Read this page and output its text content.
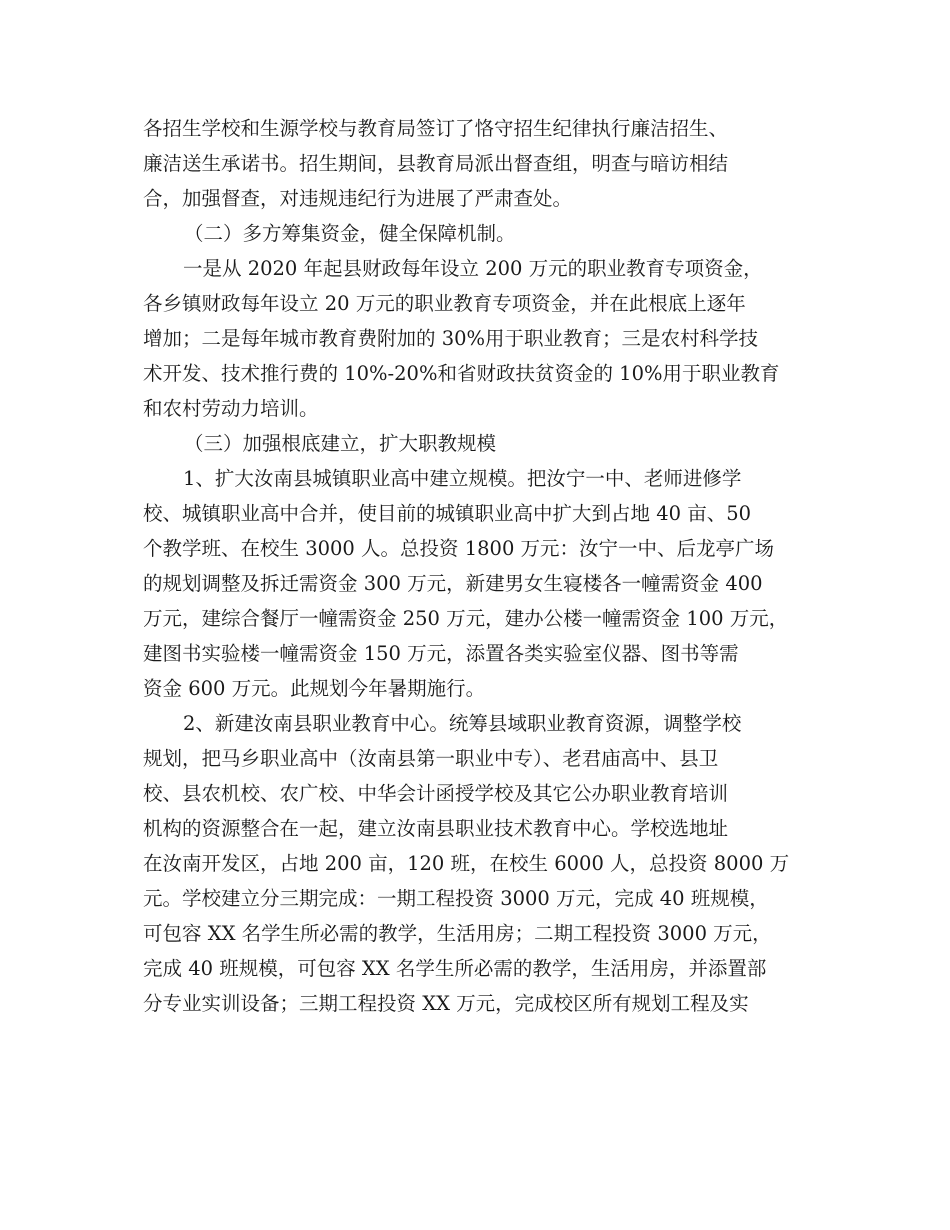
各招生学校和生源学校与教育局签订了恪守招生纪律执行廉洁招生、
廉洁送生承诺书。招生期间，县教育局派出督查组，明查与暗访相结
合，加强督查，对违规违纪行为进展了严肃查处。
（二）多方筹集资金，健全保障机制。
一是从 2020 年起县财政每年设立 200 万元的职业教育专项资金，
各乡镇财政每年设立 20 万元的职业教育专项资金，并在此根底上逐年
增加；二是每年城市教育费附加的 30%用于职业教育；三是农村科学技
术开发、技术推行费的 10%-20%和省财政扶贫资金的 10%用于职业教育
和农村劳动力培训。
（三）加强根底建立，扩大职教规模
1、扩大汝南县城镇职业高中建立规模。把汝宁一中、老师进修学
校、城镇职业高中合并，使目前的城镇职业高中扩大到占地 40 亩、50
个教学班、在校生 3000 人。总投资 1800 万元：汝宁一中、后龙亭广场
的规划调整及拆迁需资金 300 万元，新建男女生寝楼各一幢需资金 400
万元，建综合餐厅一幢需资金 250 万元，建办公楼一幢需资金 100 万元，
建图书实验楼一幢需资金 150 万元，添置各类实验室仪器、图书等需
资金 600 万元。此规划今年暑期施行。
2、新建汝南县职业教育中心。统筹县域职业教育资源，调整学校
规划，把马乡职业高中（汝南县第一职业中专）、老君庙高中、县卫
校、县农机校、农广校、中华会计函授学校及其它公办职业教育培训
机构的资源整合在一起，建立汝南县职业技术教育中心。学校选地址
在汝南开发区，占地 200 亩，120 班，在校生 6000 人，总投资 8000 万
元。学校建立分三期完成：一期工程投资 3000 万元，完成 40 班规模，
可包容 XX 名学生所必需的教学，生活用房；二期工程投资 3000 万元，
完成 40 班规模，可包容 XX 名学生所必需的教学，生活用房，并添置部
分专业实训设备；三期工程投资 XX 万元，完成校区所有规划工程及实
